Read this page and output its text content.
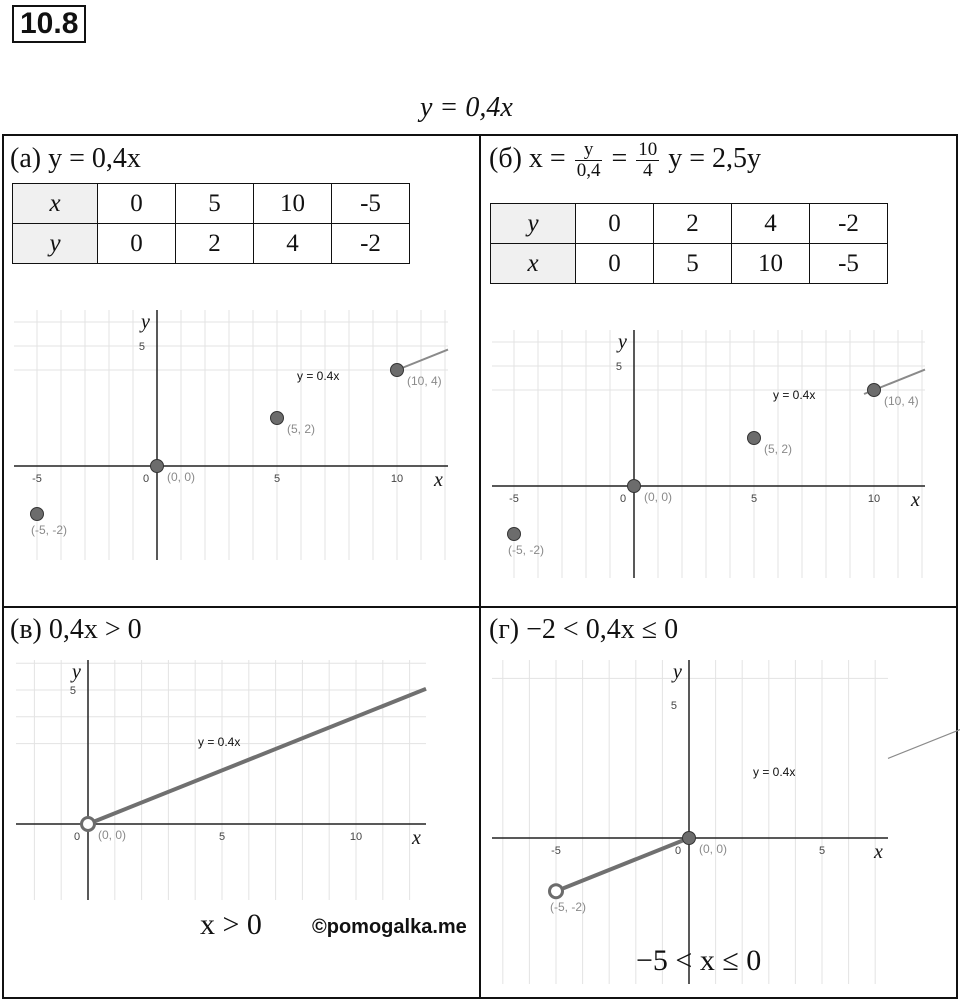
10.8
y = 0,4x
(а) y = 0,4x
x	0	5	10	-5
y	0	2	4	-2
(б) $x = \frac{y}{0,4} = \frac{10}{4}$ y = 2,5y
y	0	2	4	-2
x	0	5	10	-5
(в) 0,4x > 0	(г) −2 < 0,4x ≤ 0
-5	5	10
0
5
x
y
y = 0.4x
(0, 0)
(5, 2)
(10, 4)
(-5, -2)
-5	5	10
0
5
x
y
y = 0.4x
(0, 0)
(5, 2)
(10, 4)
(-5, -2)
5	10
0
5
x
y
y = 0.4x
(0, 0)
-5	5
0
5
x
y
y = 0.4x
(0, 0)
(-5, -2)
x > 0
−5 < x ≤ 0
©pomogalka.me
